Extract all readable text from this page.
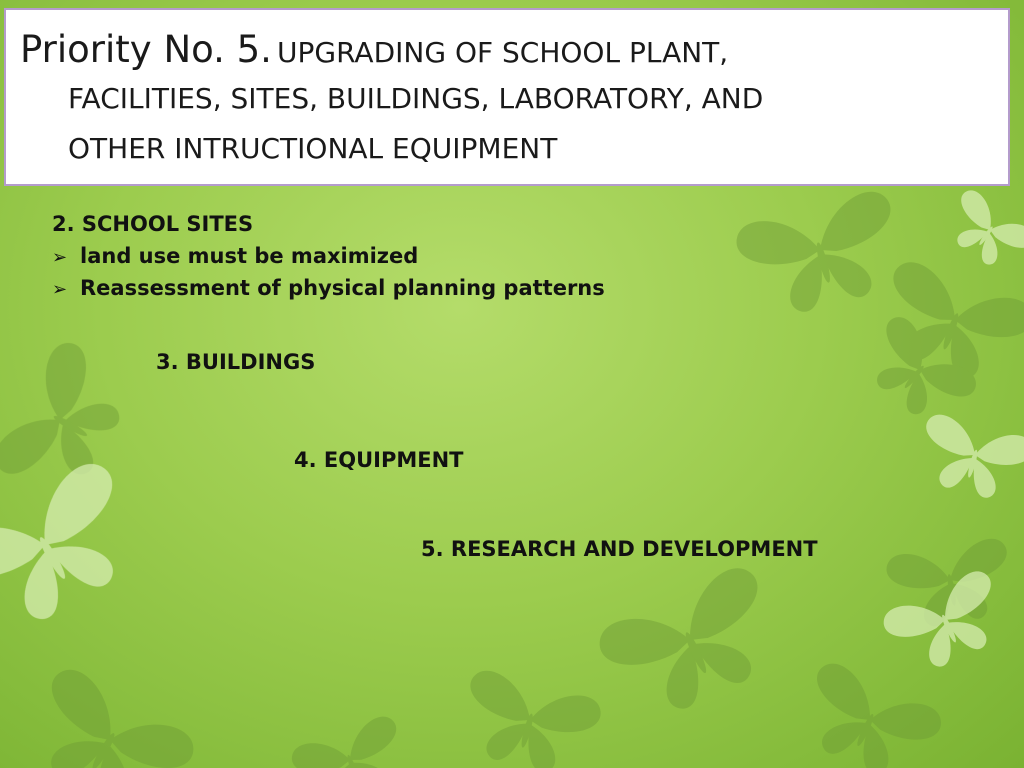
Priority No. 5. UPGRADING OF SCHOOL PLANT,
FACILITIES, SITES, BUILDINGS, LABORATORY, AND
OTHER INTRUCTIONAL EQUIPMENT
2. SCHOOL SITES
➢ land use must be maximized
➢ Reassessment of physical planning patterns
3. BUILDINGS
4. EQUIPMENT
5. RESEARCH AND DEVELOPMENT
